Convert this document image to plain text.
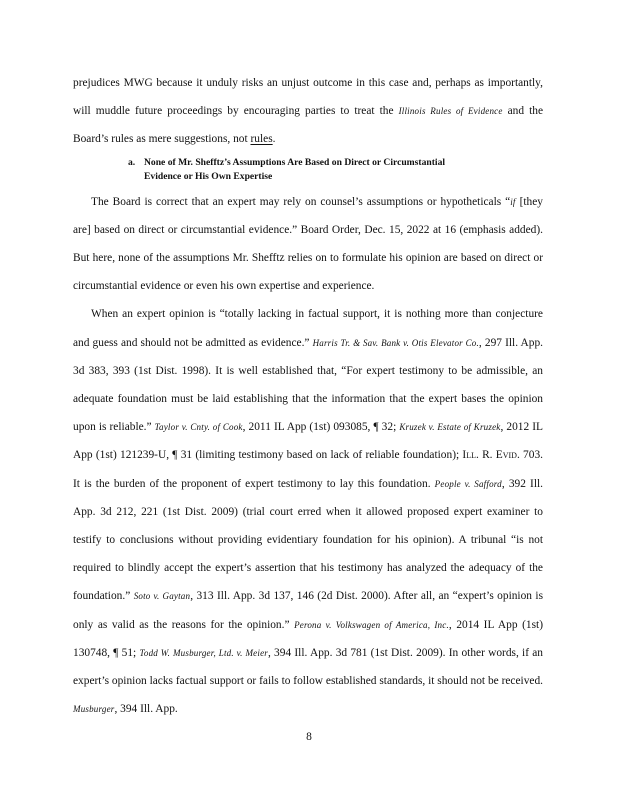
prejudices MWG because it unduly risks an unjust outcome in this case and, perhaps as importantly, will muddle future proceedings by encouraging parties to treat the Illinois Rules of Evidence and the Board’s rules as mere suggestions, not rules.

a. None of Mr. Shefftz’s Assumptions Are Based on Direct or Circumstantial
Evidence or His Own Expertise

The Board is correct that an expert may rely on counsel’s assumptions or hypotheticals “if [they are] based on direct or circumstantial evidence.” Board Order, Dec. 15, 2022 at 16 (emphasis added). But here, none of the assumptions Mr. Shefftz relies on to formulate his opinion are based on direct or circumstantial evidence or even his own expertise and experience.

When an expert opinion is “totally lacking in factual support, it is nothing more than conjecture and guess and should not be admitted as evidence.” Harris Tr. & Sav. Bank v. Otis Elevator Co., 297 Ill. App. 3d 383, 393 (1st Dist. 1998). It is well established that, “For expert testimony to be admissible, an adequate foundation must be laid establishing that the information that the expert bases the opinion upon is reliable.” Taylor v. Cnty. of Cook, 2011 IL App (1st) 093085, ¶ 32; Kruzek v. Estate of Kruzek, 2012 IL App (1st) 121239-U, ¶ 31 (limiting testimony based on lack of reliable foundation); Ill. R. Evid. 703. It is the burden of the proponent of expert testimony to lay this foundation. People v. Safford, 392 Ill. App. 3d 212, 221 (1st Dist. 2009) (trial court erred when it allowed proposed expert examiner to testify to conclusions without providing evidentiary foundation for his opinion). A tribunal “is not required to blindly accept the expert’s assertion that his testimony has analyzed the adequacy of the foundation.” Soto v. Gaytan, 313 Ill. App. 3d 137, 146 (2d Dist. 2000). After all, an “expert’s opinion is only as valid as the reasons for the opinion.” Perona v. Volkswagen of America, Inc., 2014 IL App (1st) 130748, ¶ 51; Todd W. Musburger, Ltd. v. Meier, 394 Ill. App. 3d 781 (1st Dist. 2009). In other words, if an expert’s opinion lacks factual support or fails to follow established standards, it should not be received. Musburger, 394 Ill. App.

8
